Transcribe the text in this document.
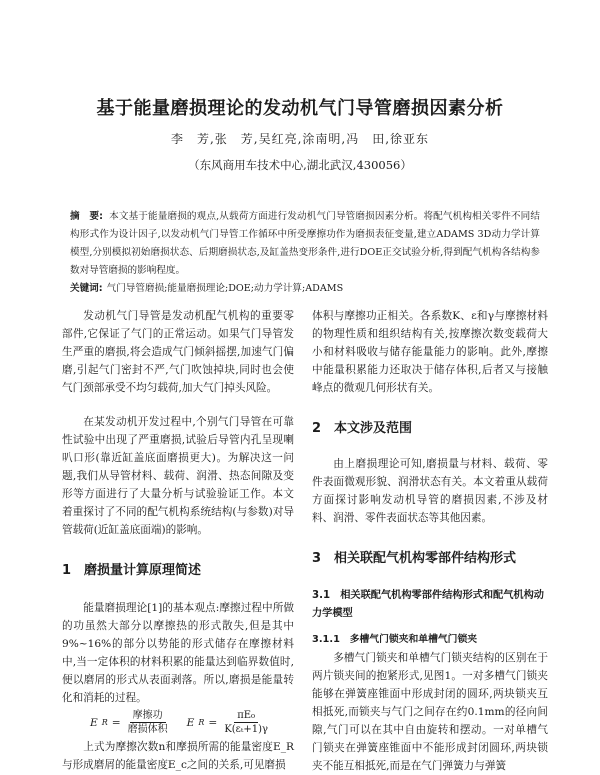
基于能量磨损理论的发动机气门导管磨损因素分析
李　芳,张　芳,吴红亮,涂南明,冯　田,徐亚东
（东风商用车技术中心,湖北武汉,430056）
摘　要: 本文基于能量磨损的观点,从载荷方面进行发动机气门导管磨损因素分析。将配气机构相关零件不同结构形式作为设计因子,以发动机气门导管工作循环中所受摩擦功作为磨损表征变量,建立ADAMS 3D动力学计算模型,分别模拟初始磨损状态、后期磨损状态,及缸盖热变形条件,进行DOE正交试验分析,得到配气机构各结构参数对导管磨损的影响程度。
关键词: 气门导管磨损;能量磨损理论;DOE;动力学计算;ADAMS

发动机气门导管是发动机配气机构的重要零部件,它保证了气门的正常运动。如果气门导管发生严重的磨损,将会造成气门倾斜摇摆,加速气门偏磨,引起气门密封不严,气门吹蚀掉块,同时也会使气门颈部承受不均匀载荷,加大气门掉头风险。

在某发动机开发过程中,个别气门导管在可靠性试验中出现了严重磨损,试验后导管内孔呈现喇叭口形(靠近缸盖底面磨损更大)。为解决这一问题,我们从导管材料、载荷、润滑、热态间隙及变形等方面进行了大量分析与试验验证工作。本文着重探讨了不同的配气机构系统结构(与参数)对导管载荷(近缸盖底面端)的影响。

1 磨损量计算原理简述

能量磨损理论[1]的基本观点:摩擦过程中所做的功虽然大部分以摩擦热的形式散失,但是其中9%~16%的部分以势能的形式储存在摩擦材料中,当一定体积的材料积累的能量达到临界数值时,便以磨屑的形式从表面剥落。所以,磨损是能量转化和消耗的过程。

E $R = \frac{\text{摩擦功}}{\text{磨损体积}}$ E $R = \frac{\text{πE₀}}{\text{K(εₜ+1)γ}}$

上式为摩擦次数n和摩损所需的能量密度E_R与形成磨屑的能量密度E_c之间的关系,可见磨损

体积与摩擦功正相关。各系数K、ε和γ与摩擦材料的物理性质和组织结构有关,按摩擦次数变载荷大小和材料吸收与储存能量能力的影响。此外,摩擦中能量积累能力还取决于储存体积,后者又与接触峰点的微观几何形状有关。

2 本文涉及范围

由上磨损理论可知,磨损量与材料、载荷、零件表面微观形貌、润滑状态有关。本文着重从载荷方面探讨影响发动机导管的磨损因素,不涉及材料、润滑、零件表面状态等其他因素。

3 相关联配气机构零部件结构形式

3.1　相关联配气机构零部件结构形式和配气机构动力学模型

3.1.1　多槽气门锁夹和单槽气门锁夹

多槽气门锁夹和单槽气门锁夹结构的区别在于两片锁夹间的抱紧形式,见图1。一对多槽气门锁夹能够在弹簧座锥面中形成封闭的圆环,两块锁夹互相抵死,而锁夹与气门之间存在约0.1mm的径向间隙,气门可以在其中自由旋转和摆动。一对单槽气门锁夹在弹簧座锥面中不能形成封闭圆环,两块锁夹不能互相抵死,而是在气门弹簧力与弹簧
